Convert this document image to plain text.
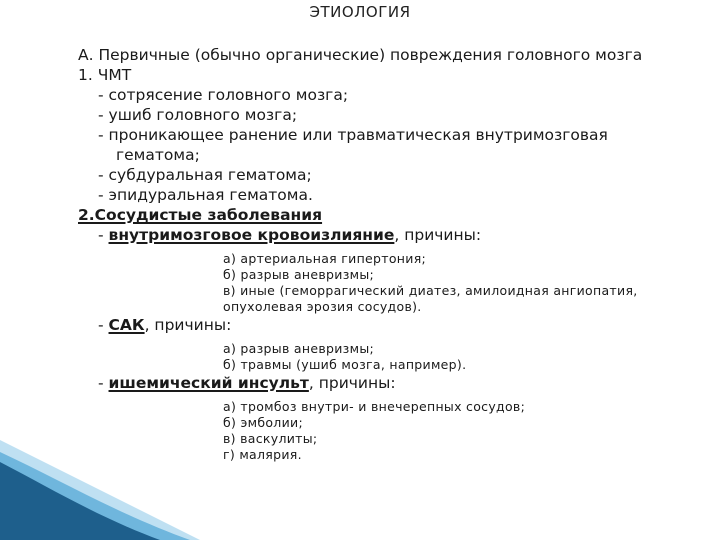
ЭТИОЛОГИЯ
А. Первичные (обычно органические) повреждения головного мозга
1. ЧМТ
- сотрясение головного мозга;
- ушиб головного мозга;
- проникающее ранение или травматическая внутримозговая
гематома;
- субдуральная гематома;
- эпидуральная гематома.
2.Сосудистые заболевания
- внутримозговое кровоизлияние, причины:
а) артериальная гипертония;
б) разрыв аневризмы;
в) иные (геморрагический диатез, амилоидная ангиопатия,
опухолевая эрозия сосудов).
- САК, причины:
а) разрыв аневризмы;
б) травмы (ушиб мозга, например).
- ишемический инсульт, причины:
а) тромбоз внутри- и внечерепных сосудов;
б) эмболии;
в) васкулиты;
г) малярия.
